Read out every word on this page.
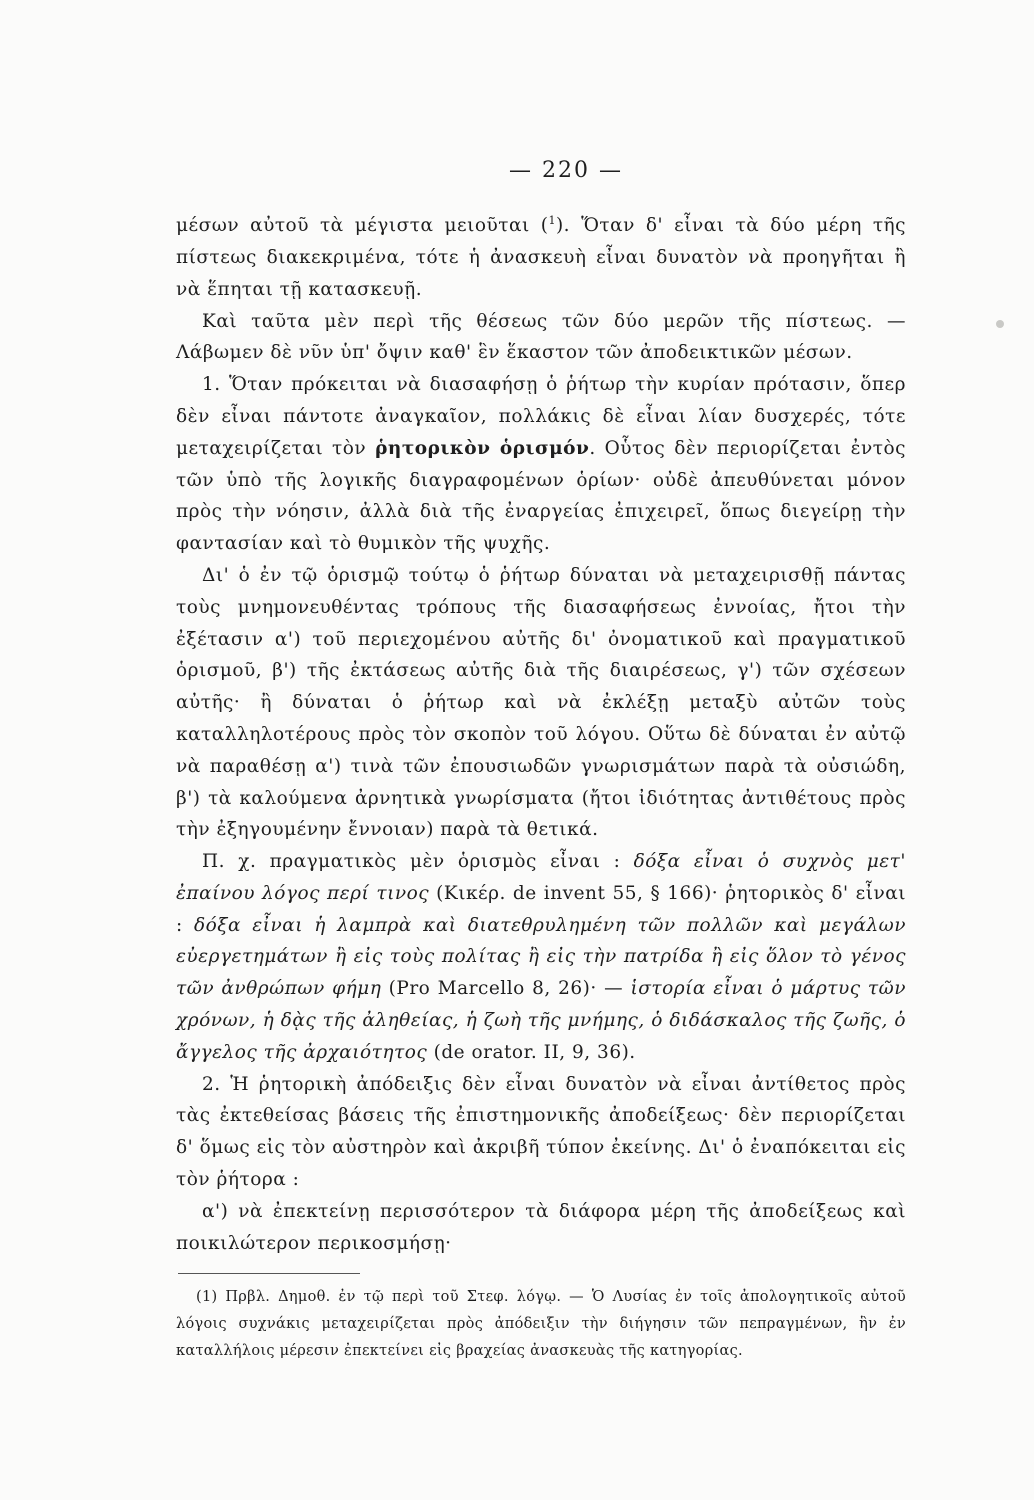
— 220 —

μέσων αὐτοῦ τὰ μέγιστα μειοῦται ($^1$). Ὅταν δ' εἶναι τὰ δύο μέρη τῆς πίστεως διακεκριμένα, τότε ἡ ἀνασκευὴ εἶναι δυνατὸν νὰ προηγῆται ἢ νὰ ἕπηται τῇ κατασκευῇ.

Καὶ ταῦτα μὲν περὶ τῆς θέσεως τῶν δύο μερῶν τῆς πίστεως. — Λάβωμεν δὲ νῦν ὑπ' ὄψιν καθ' ἓν ἕκαστον τῶν ἀποδεικτικῶν μέσων.

1. Ὅταν πρόκειται νὰ διασαφήσῃ ὁ ῥήτωρ τὴν κυρίαν πρότασιν, ὅπερ δὲν εἶναι πάντοτε ἀναγκαῖον, πολλάκις δὲ εἶναι λίαν δυσχερές, τότε μεταχειρίζεται τὸν ῥητορικὸν ὁρισμόν. Οὗτος δὲν περιορίζεται ἐντὸς τῶν ὑπὸ τῆς λογικῆς διαγραφομένων ὁρίων· οὐδὲ ἀπευθύνεται μόνον πρὸς τὴν νόησιν, ἀλλὰ διὰ τῆς ἐναργείας ἐπιχειρεῖ, ὅπως διεγείρῃ τὴν φαντασίαν καὶ τὸ θυμικὸν τῆς ψυχῆς.

Δι' ὁ ἐν τῷ ὁρισμῷ τούτῳ ὁ ῥήτωρ δύναται νὰ μεταχειρισθῇ πάντας τοὺς μνημονευθέντας τρόπους τῆς διασαφήσεως ἐννοίας, ἤτοι τὴν ἐξέτασιν α') τοῦ περιεχομένου αὐτῆς δι' ὀνοματικοῦ καὶ πραγματικοῦ ὁρισμοῦ, β') τῆς ἐκτάσεως αὐτῆς διὰ τῆς διαιρέσεως, γ') τῶν σχέσεων αὐτῆς· ἢ δύναται ὁ ῥήτωρ καὶ νὰ ἐκλέξῃ μεταξὺ αὐτῶν τοὺς καταλληλοτέρους πρὸς τὸν σκοπὸν τοῦ λόγου. Οὕτω δὲ δύναται ἐν αὐτῷ νὰ παραθέσῃ α') τινὰ τῶν ἐπουσιωδῶν γνωρισμάτων παρὰ τὰ οὐσιώδη, β') τὰ καλούμενα ἀρνητικὰ γνωρίσματα (ἤτοι ἰδιότητας ἀντιθέτους πρὸς τὴν ἐξηγουμένην ἔννοιαν) παρὰ τὰ θετικά.

Π. χ. πραγματικὸς μὲν ὁρισμὸς εἶναι : δόξα εἶναι ὁ συχνὸς μετ' ἐπαίνου λόγος περί τινος (Κικέρ. de invent 55, § 166)· ῥητορικὸς δ' εἶναι : δόξα εἶναι ἡ λαμπρὰ καὶ διατεθρυλημένη τῶν πολλῶν καὶ μεγάλων εὐεργετημάτων ἢ εἰς τοὺς πολίτας ἢ εἰς τὴν πατρίδα ἢ εἰς ὅλον τὸ γένος τῶν ἀνθρώπων φήμη (Pro Marcello 8, 26)· — ἱστορία εἶναι ὁ μάρτυς τῶν χρόνων, ἡ δᾲς τῆς ἀληθείας, ἡ ζωὴ τῆς μνήμης, ὁ διδάσκαλος τῆς ζωῆς, ὁ ἄγγελος τῆς ἀρχαιότητος (de orator. II, 9, 36).

2. Ἡ ῥητορικὴ ἀπόδειξις δὲν εἶναι δυνατὸν νὰ εἶναι ἀντίθετος πρὸς τὰς ἐκτεθείσας βάσεις τῆς ἐπιστημονικῆς ἀποδείξεως· δὲν περιορίζεται δ' ὅμως εἰς τὸν αὐστηρὸν καὶ ἀκριβῆ τύπον ἐκείνης. Δι' ὁ ἐναπόκειται εἰς τὸν ῥήτορα :

α') νὰ ἐπεκτείνῃ περισσότερον τὰ διάφορα μέρη τῆς ἀποδείξεως καὶ ποικιλώτερον περικοσμήσῃ·

(1) Πρβλ. Δημοθ. ἐν τῷ περὶ τοῦ Στεφ. λόγῳ. — Ὁ Λυσίας ἐν τοῖς ἀπολογητικοῖς αὐτοῦ λόγοις συχνάκις μεταχειρίζεται πρὸς ἀπόδειξιν τὴν διήγησιν τῶν πεπραγμένων, ἣν ἐν καταλλήλοις μέρεσιν ἐπεκτείνει εἰς βραχείας ἀνασκευὰς τῆς κατηγορίας.
